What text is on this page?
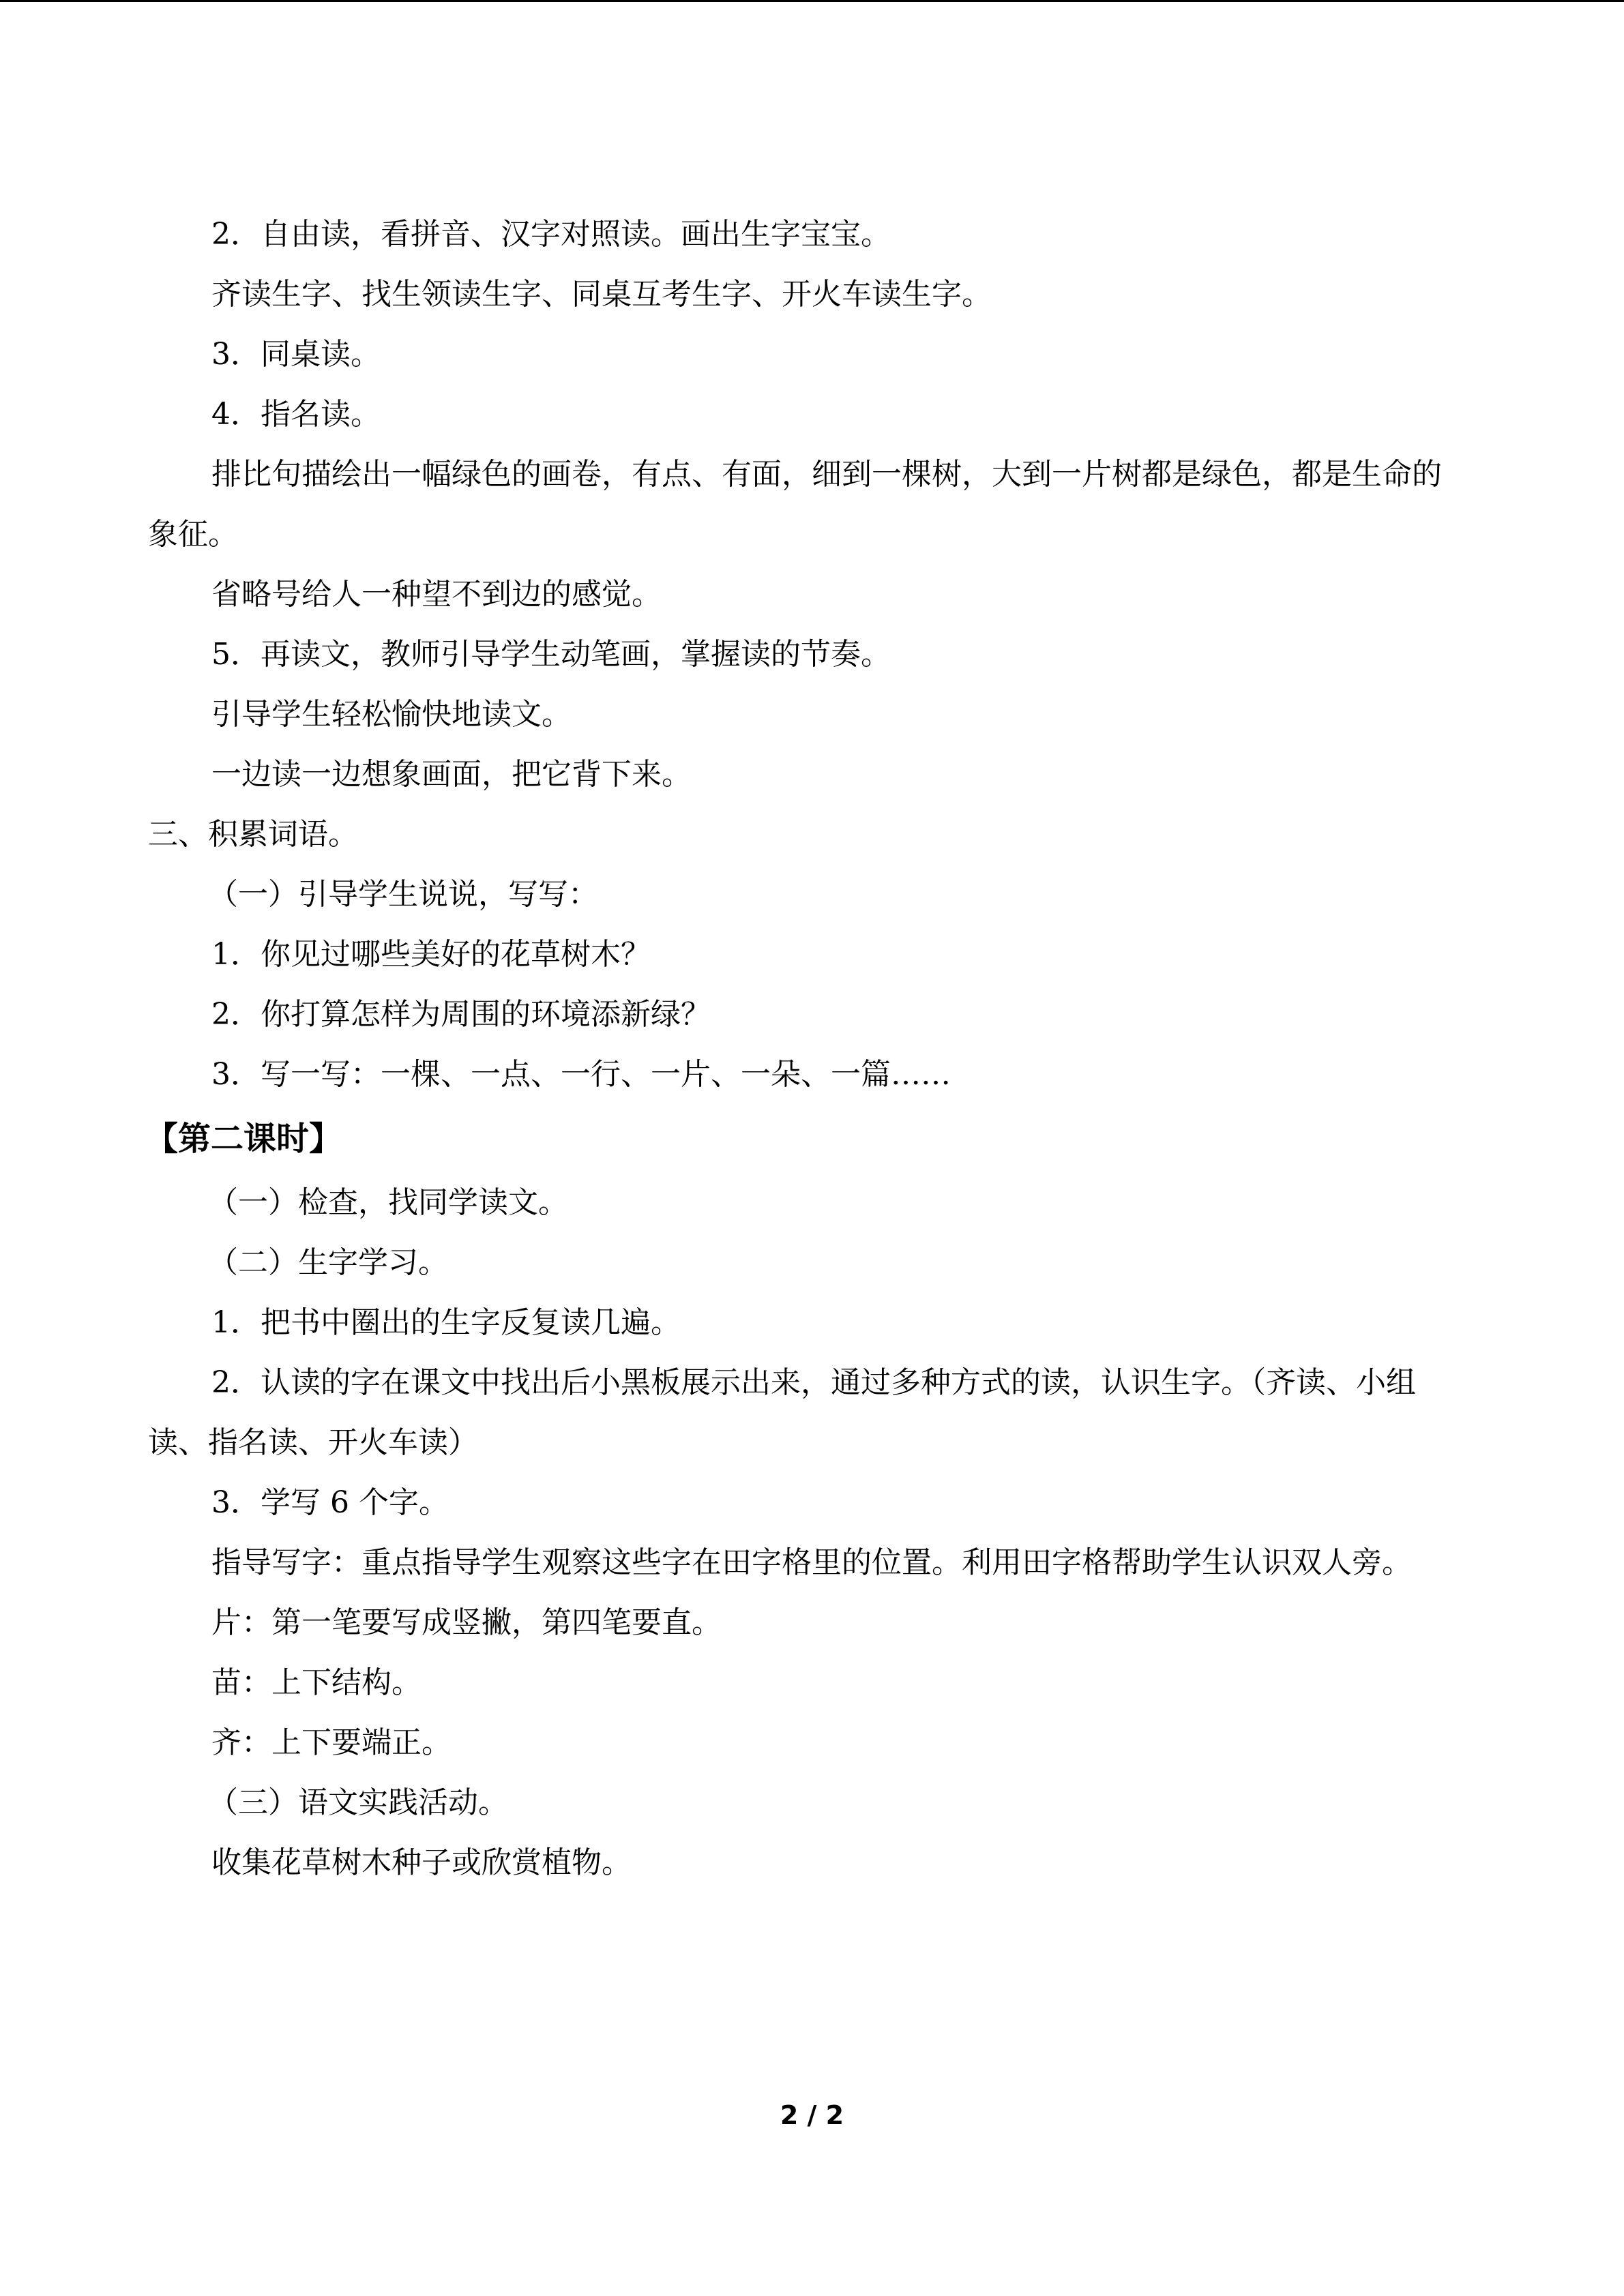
2．自由读，看拼音、汉字对照读。画出生字宝宝。

齐读生字、找生领读生字、同桌互考生字、开火车读生字。

3．同桌读。

4．指名读。

排比句描绘出一幅绿色的画卷，有点、有面，细到一棵树，大到一片树都是绿色，都是生命的象征。

省略号给人一种望不到边的感觉。

5．再读文，教师引导学生动笔画，掌握读的节奏。

引导学生轻松愉快地读文。

一边读一边想象画面，把它背下来。

三、积累词语。

（一）引导学生说说，写写：

1．你见过哪些美好的花草树木？

2．你打算怎样为周围的环境添新绿？

3．写一写：一棵、一点、一行、一片、一朵、一篇……

【第二课时】

（一）检查，找同学读文。

（二）生字学习。

1．把书中圈出的生字反复读几遍。

2．认读的字在课文中找出后小黑板展示出来，通过多种方式的读，认识生字。（齐读、小组读、指名读、开火车读）

3．学写 6 个字。

指导写字：重点指导学生观察这些字在田字格里的位置。利用田字格帮助学生认识双人旁。

片：第一笔要写成竖撇，第四笔要直。

苗：上下结构。

齐：上下要端正。

（三）语文实践活动。

收集花草树木种子或欣赏植物。

2 / 2
